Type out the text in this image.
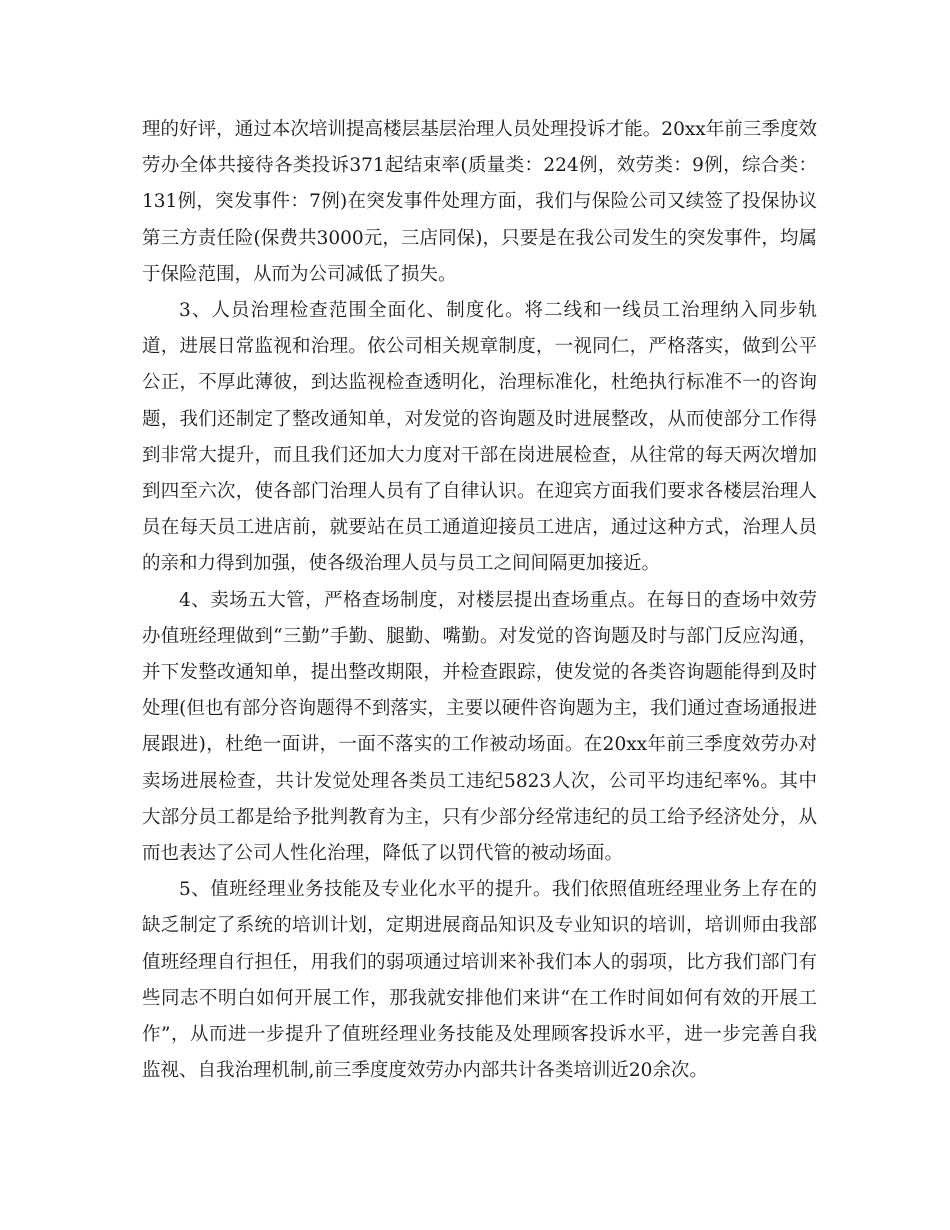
理的好评，通过本次培训提高楼层基层治理人员处理投诉才能。20xx年前三季度效劳办全体共接待各类投诉371起结束率(质量类：224例，效劳类：9例，综合类：131例，突发事件：7例)在突发事件处理方面，我们与保险公司又续签了投保协议第三方责任险(保费共3000元，三店同保)，只要是在我公司发生的突发事件，均属于保险范围，从而为公司减低了损失。

3、人员治理检查范围全面化、制度化。将二线和一线员工治理纳入同步轨道，进展日常监视和治理。依公司相关规章制度，一视同仁，严格落实，做到公平公正，不厚此薄彼，到达监视检查透明化，治理标准化，杜绝执行标准不一的咨询题，我们还制定了整改通知单，对发觉的咨询题及时进展整改，从而使部分工作得到非常大提升，而且我们还加大力度对干部在岗进展检查，从往常的每天两次增加到四至六次，使各部门治理人员有了自律认识。在迎宾方面我们要求各楼层治理人员在每天员工进店前，就要站在员工通道迎接员工进店，通过这种方式，治理人员的亲和力得到加强，使各级治理人员与员工之间间隔更加接近。

4、卖场五大管，严格查场制度，对楼层提出查场重点。在每日的查场中效劳办值班经理做到“三勤”手勤、腿勤、嘴勤。对发觉的咨询题及时与部门反应沟通，并下发整改通知单，提出整改期限，并检查跟踪，使发觉的各类咨询题能得到及时处理(但也有部分咨询题得不到落实，主要以硬件咨询题为主，我们通过查场通报进展跟进)，杜绝一面讲，一面不落实的工作被动场面。在20xx年前三季度效劳办对卖场进展检查，共计发觉处理各类员工违纪5823人次，公司平均违纪率%。其中大部分员工都是给予批判教育为主，只有少部分经常违纪的员工给予经济处分，从而也表达了公司人性化治理，降低了以罚代管的被动场面。

5、值班经理业务技能及专业化水平的提升。我们依照值班经理业务上存在的缺乏制定了系统的培训计划，定期进展商品知识及专业知识的培训，培训师由我部值班经理自行担任，用我们的弱项通过培训来补我们本人的弱项，比方我们部门有些同志不明白如何开展工作，那我就安排他们来讲“在工作时间如何有效的开展工作”，从而进一步提升了值班经理业务技能及处理顾客投诉水平，进一步完善自我监视、自我治理机制,前三季度度效劳办内部共计各类培训近20余次。
